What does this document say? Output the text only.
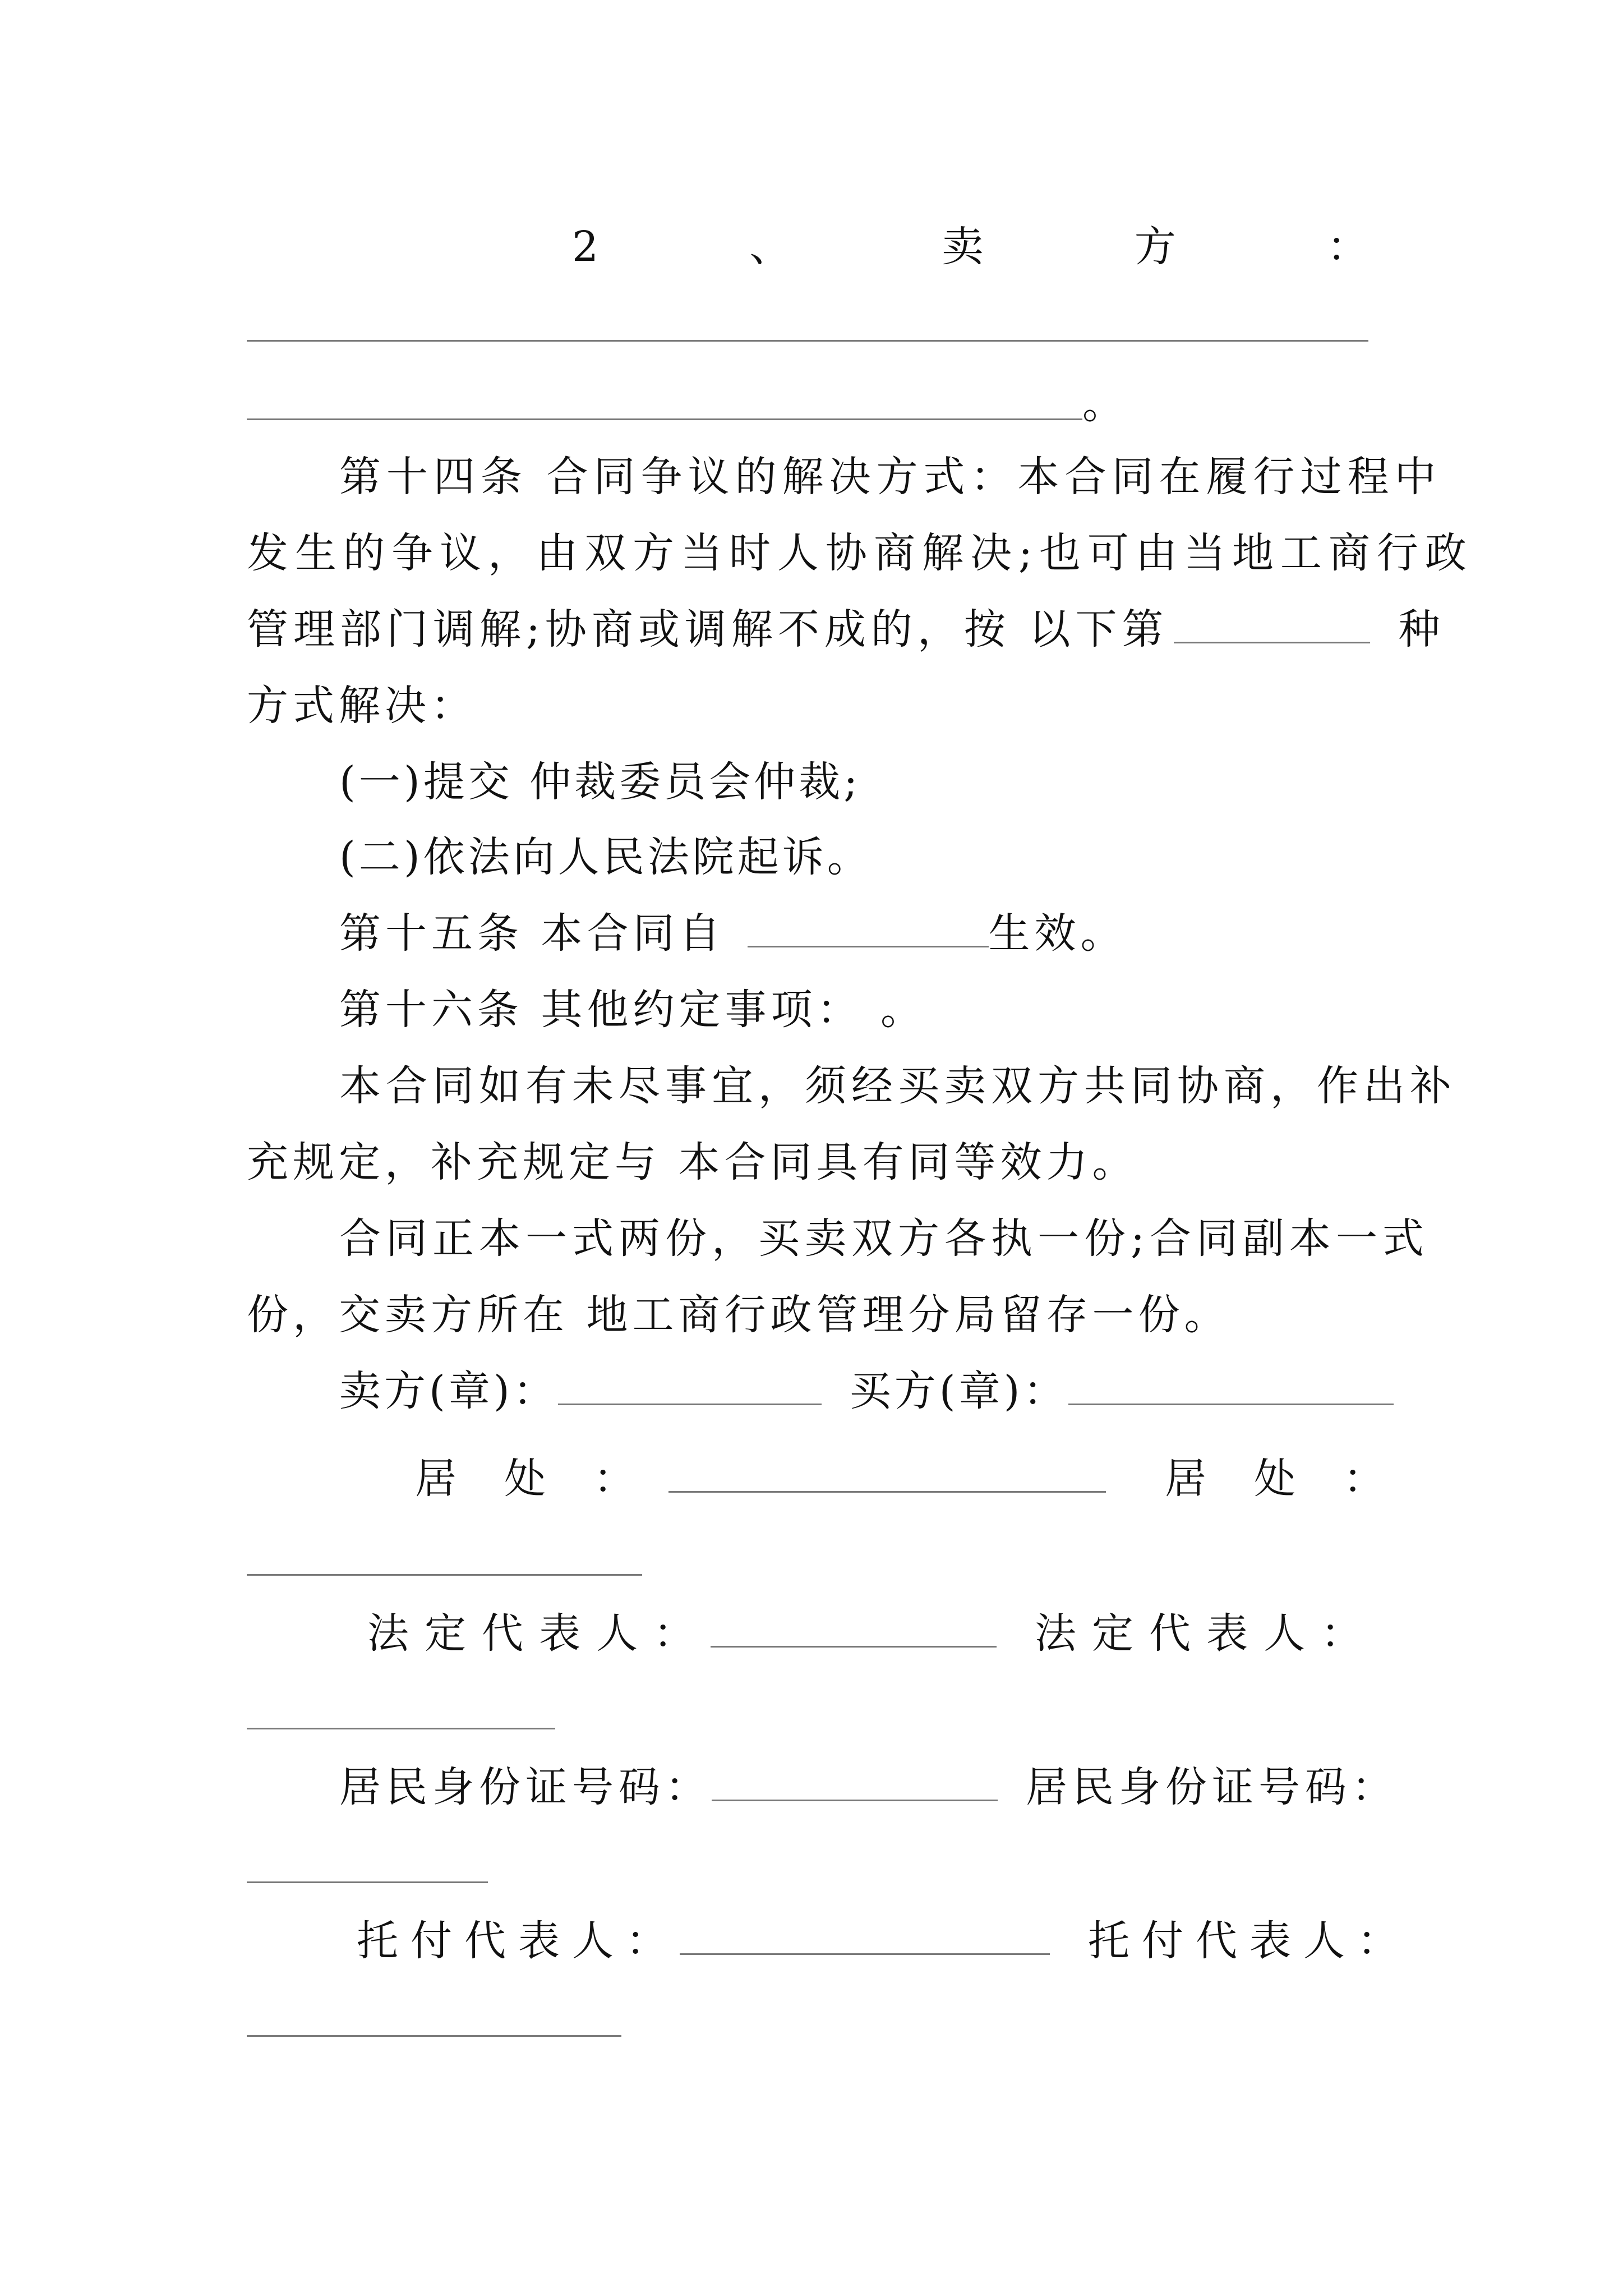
2	、	卖	方	：
。
第十四条 合同争议的解决方式：本合同在履行过程中
发生的争议，由双方当时人协商解决;也可由当地工商行政
管理部门调解;协商或调解不成的，按 以下第	种
方式解决：
(一)提交 仲裁委员会仲裁;
(二)依法向人民法院起诉。
第十五条 本合同自	生效。
第十六条 其他约定事项： 。
本合同如有未尽事宜，须经买卖双方共同协商，作出补
充规定，补充规定与 本合同具有同等效力。
合同正本一式两份，买卖双方各执一份;合同副本一式
份，交卖方所在 地工商行政管理分局留存一份。
卖方(章)：	买方(章)：
居 处 ：	居 处 ：
法定代表人：	法定代表人：
居民身份证号码：	居民身份证号码：
托付代表人：	托付代表人：
